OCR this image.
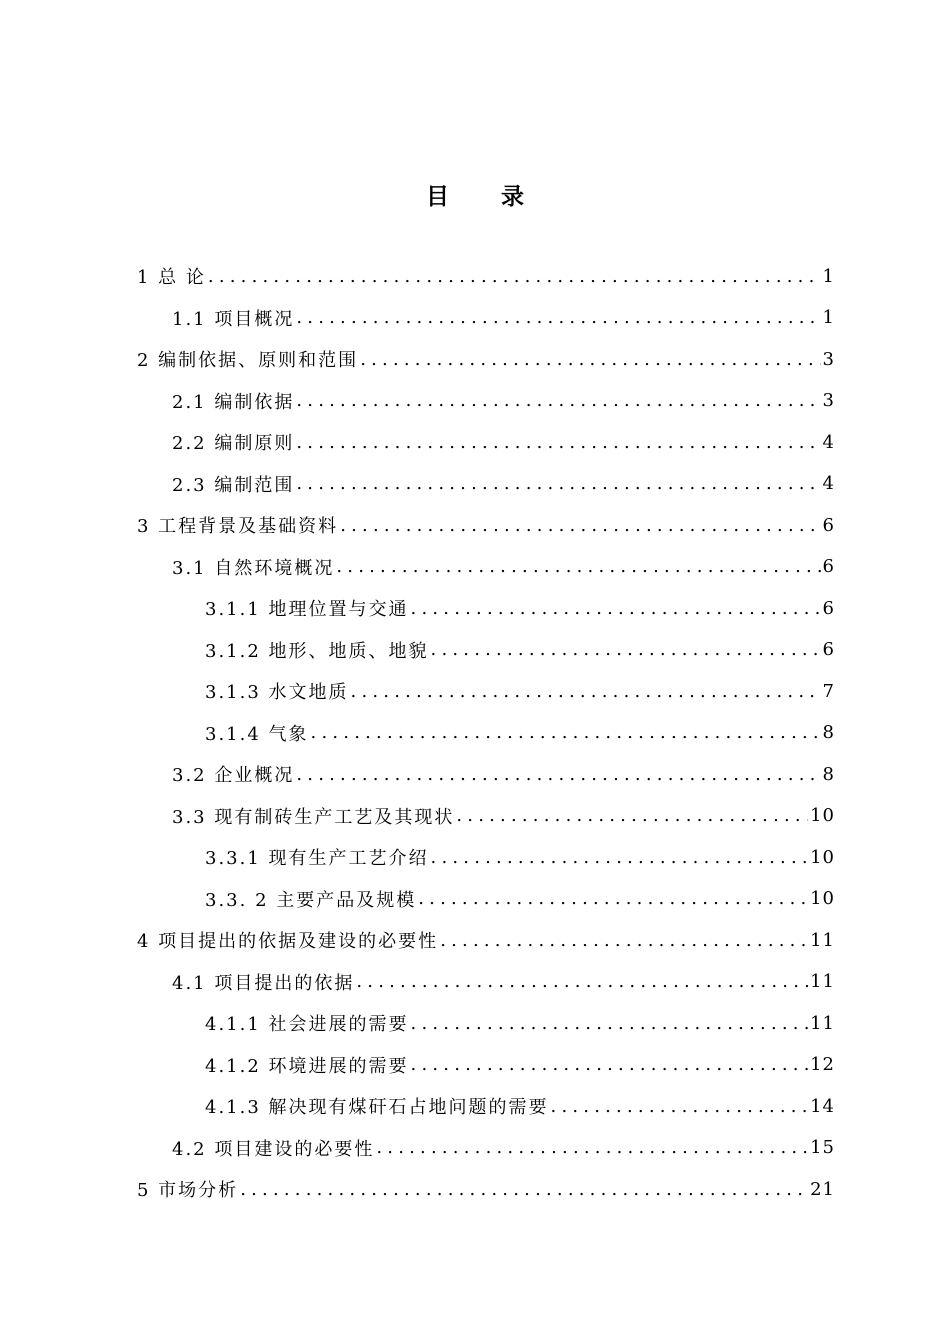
目 录
1 总 论 .....	1
1.1 项目概况 .....	1
2 编制依据、原则和范围 .....	3
2.1 编制依据 .....	3
2.2 编制原则 .....	4
2.3 编制范围 .....	4
3 工程背景及基础资料 .....	6
3.1 自然环境概况 .....	6
3.1.1 地理位置与交通 .....	6
3.1.2 地形、地质、地貌 .....	6
3.1.3 水文地质 .....	7
3.1.4 气象 .....	8
3.2 企业概况 .....	8
3.3 现有制砖生产工艺及其现状 .....	10
3.3.1 现有生产工艺介绍 .....	10
3.3. 2 主要产品及规模 .....	10
4 项目提出的依据及建设的必要性 .....	11
4.1 项目提出的依据 .....	11
4.1.1 社会进展的需要 .....	11
4.1.2 环境进展的需要 .....	12
4.1.3 解决现有煤矸石占地问题的需要 .....	14
4.2 项目建设的必要性 .....	15
5 市场分析 .....	21
